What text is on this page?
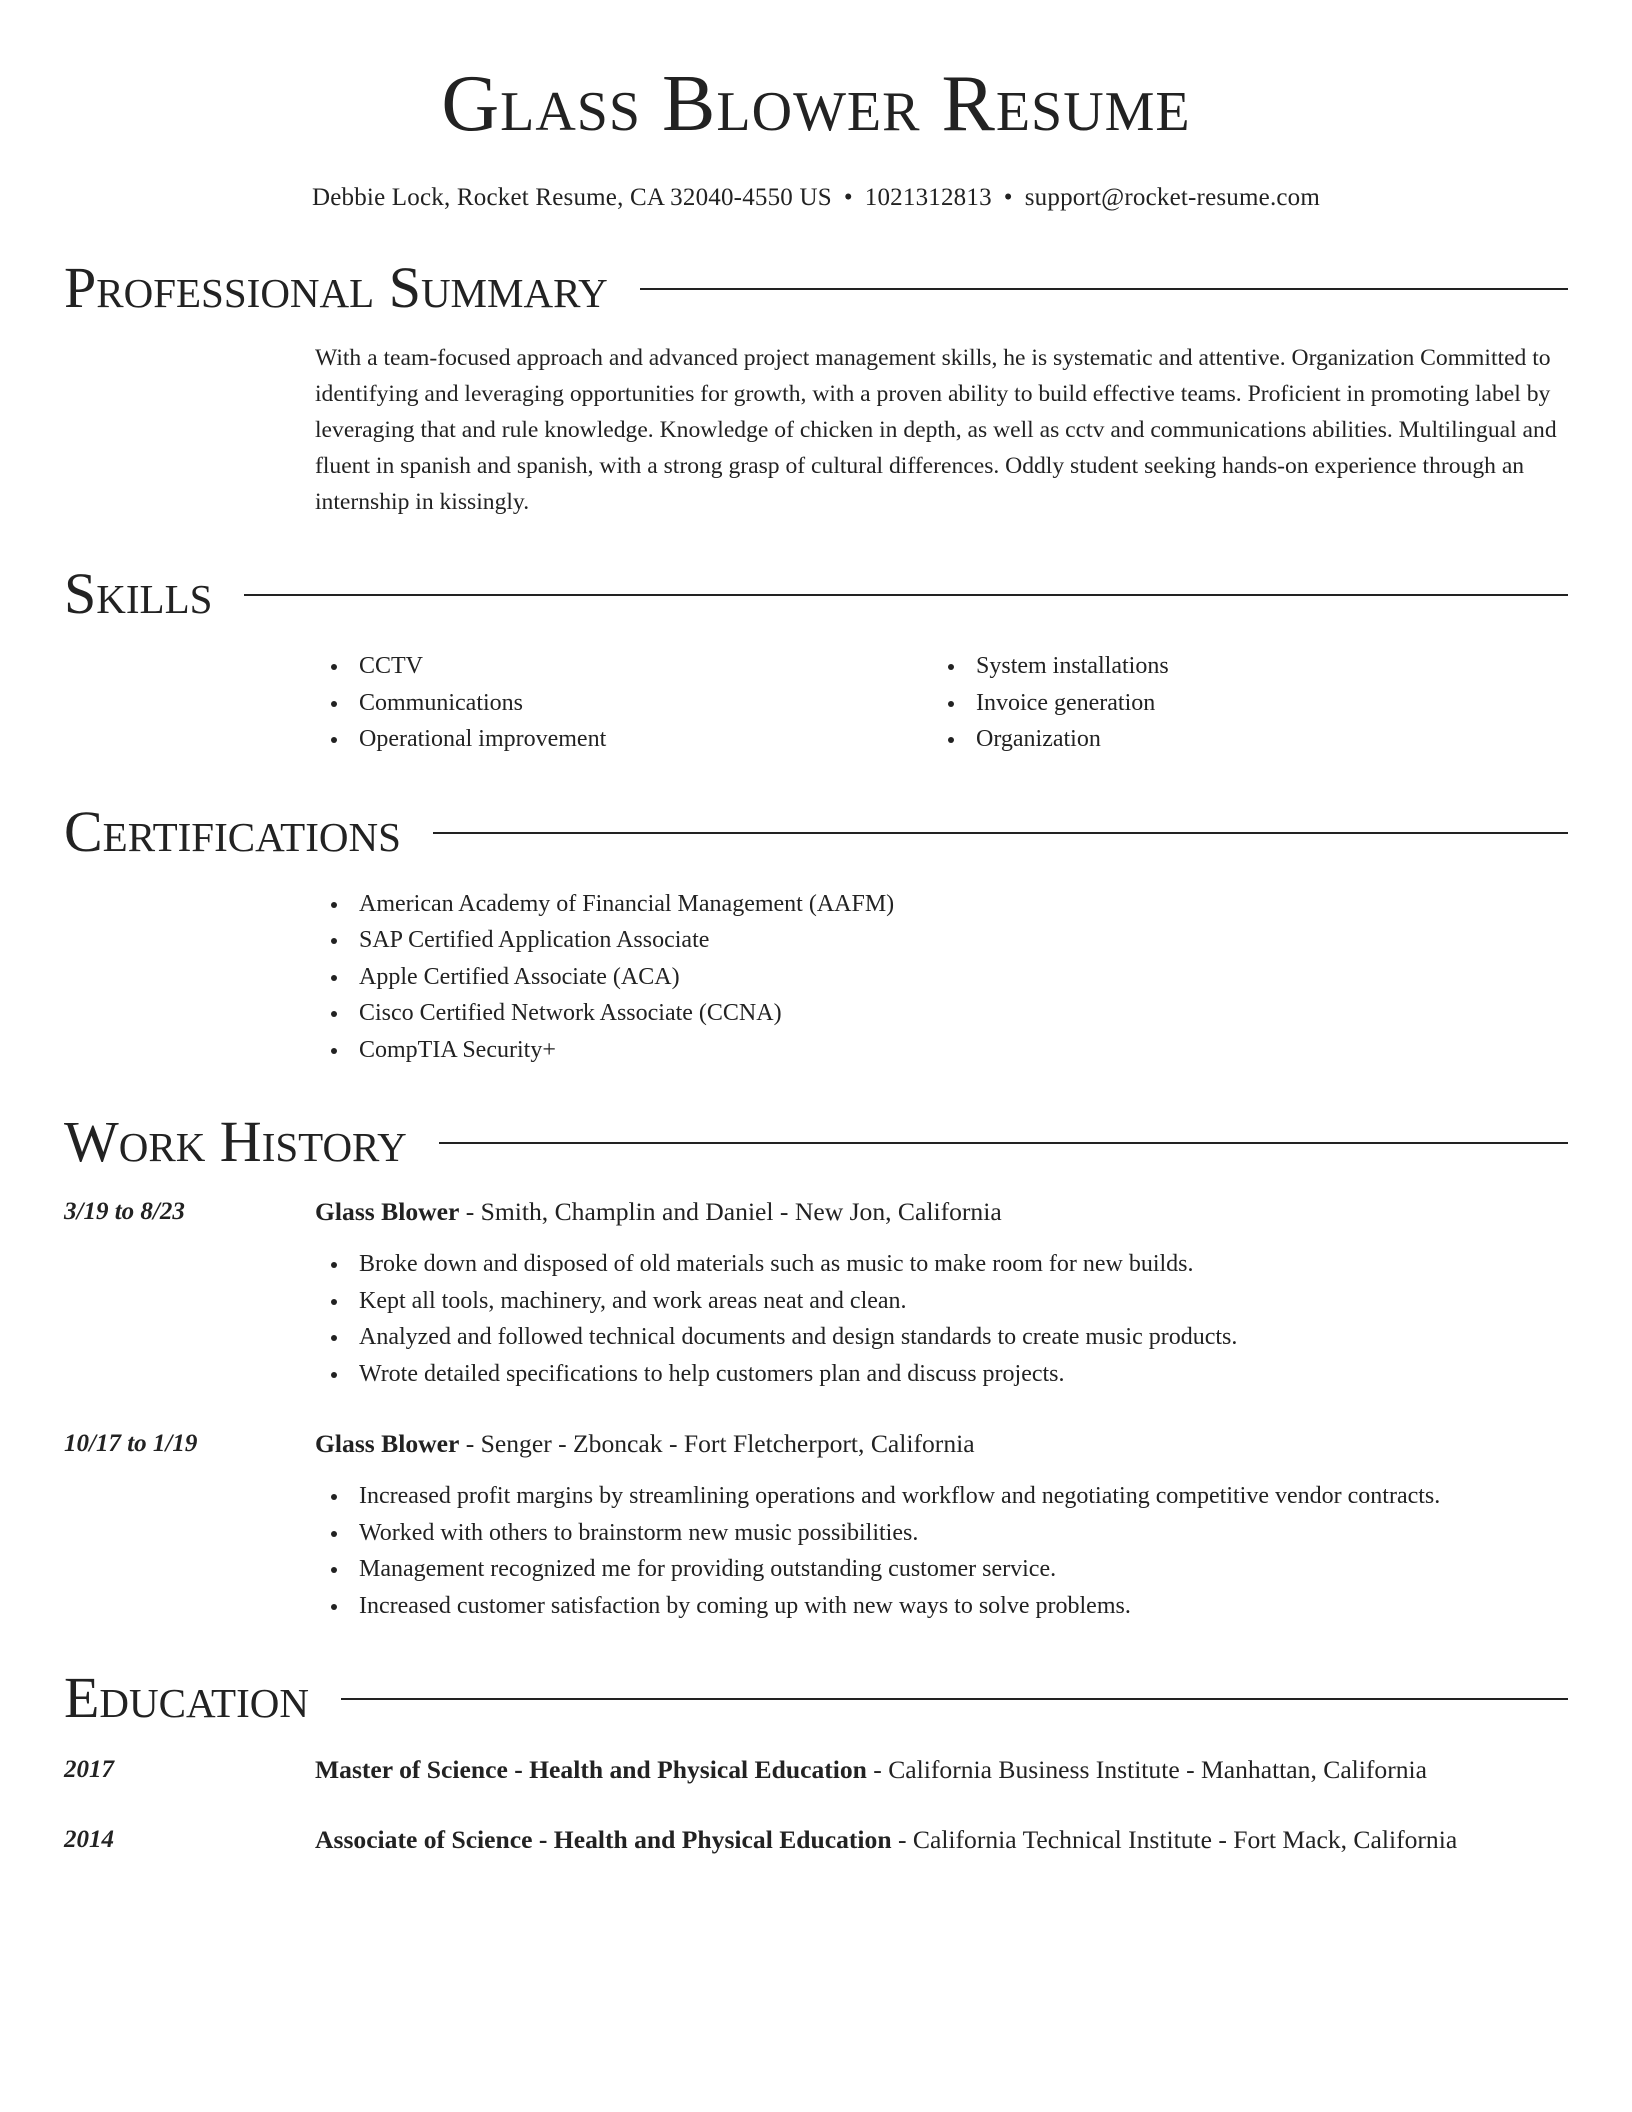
Glass Blower Resume
Debbie Lock, Rocket Resume, CA 32040-4550 US • 1021312813 • support@rocket-resume.com
Professional Summary
With a team-focused approach and advanced project management skills, he is systematic and attentive. Organization Committed to identifying and leveraging opportunities for growth, with a proven ability to build effective teams. Proficient in promoting label by leveraging that and rule knowledge. Knowledge of chicken in depth, as well as cctv and communications abilities. Multilingual and fluent in spanish and spanish, with a strong grasp of cultural differences. Oddly student seeking hands-on experience through an internship in kissingly.
Skills
CCTV
Communications
Operational improvement
System installations
Invoice generation
Organization
Certifications
American Academy of Financial Management (AAFM)
SAP Certified Application Associate
Apple Certified Associate (ACA)
Cisco Certified Network Associate (CCNA)
CompTIA Security+
Work History
3/19 to 8/23	Glass Blower - Smith, Champlin and Daniel - New Jon, California
Broke down and disposed of old materials such as music to make room for new builds.
Kept all tools, machinery, and work areas neat and clean.
Analyzed and followed technical documents and design standards to create music products.
Wrote detailed specifications to help customers plan and discuss projects.
10/17 to 1/19	Glass Blower - Senger - Zboncak - Fort Fletcherport, California
Increased profit margins by streamlining operations and workflow and negotiating competitive vendor contracts.
Worked with others to brainstorm new music possibilities.
Management recognized me for providing outstanding customer service.
Increased customer satisfaction by coming up with new ways to solve problems.
Education
2017	Master of Science - Health and Physical Education - California Business Institute - Manhattan, California
2014	Associate of Science - Health and Physical Education - California Technical Institute - Fort Mack, California
